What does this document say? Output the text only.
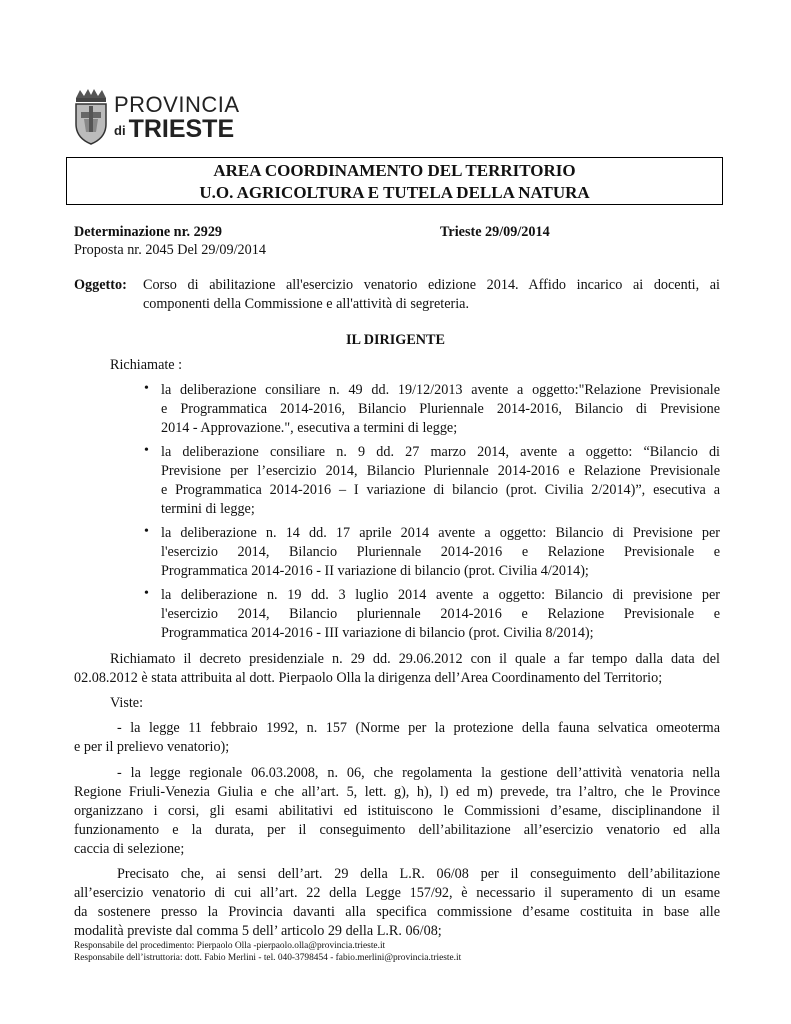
PROVINCIA
di TRIESTE
AREA COORDINAMENTO DEL TERRITORIO
U.O. AGRICOLTURA E TUTELA DELLA NATURA
Determinazione nr. 2929	Trieste 29/09/2014
Proposta nr. 2045 Del 29/09/2014
Oggetto: Corso di abilitazione all'esercizio venatorio edizione 2014. Affido incarico ai docenti, ai
componenti della Commissione e all'attività di segreteria.
IL DIRIGENTE
Richiamate :
• la deliberazione consiliare n. 49 dd. 19/12/2013 avente a oggetto:"Relazione Previsionale
e Programmatica 2014-2016, Bilancio Pluriennale 2014-2016, Bilancio di Previsione
2014 - Approvazione.", esecutiva a termini di legge;
• la deliberazione consiliare n. 9 dd. 27 marzo 2014, avente a oggetto: “Bilancio di
Previsione per l’esercizio 2014, Bilancio Pluriennale 2014-2016 e Relazione Previsionale
e Programmatica 2014-2016 – I variazione di bilancio (prot. Civilia 2/2014)”, esecutiva a
termini di legge;
• la deliberazione n. 14 dd. 17 aprile 2014 avente a oggetto: Bilancio di Previsione per
l'esercizio 2014, Bilancio Pluriennale 2014-2016 e Relazione Previsionale e
Programmatica 2014-2016 - II variazione di bilancio (prot. Civilia 4/2014);
• la deliberazione n. 19 dd. 3 luglio 2014 avente a oggetto: Bilancio di previsione per
l'esercizio 2014, Bilancio pluriennale 2014-2016 e Relazione Previsionale e
Programmatica 2014-2016 - III variazione di bilancio (prot. Civilia 8/2014);
Richiamato il decreto presidenziale n. 29 dd. 29.06.2012 con il quale a far tempo dalla data del
02.08.2012 è stata attribuita al dott. Pierpaolo Olla la dirigenza dell’Area Coordinamento del Territorio;
Viste:
- la legge 11 febbraio 1992, n. 157 (Norme per la protezione della fauna selvatica omeoterma
e per il prelievo venatorio);
- la legge regionale 06.03.2008, n. 06, che regolamenta la gestione dell’attività venatoria nella
Regione Friuli-Venezia Giulia e che all’art. 5, lett. g), h), l) ed m) prevede, tra l’altro, che le Province
organizzano i corsi, gli esami abilitativi ed istituiscono le Commissioni d’esame, disciplinandone il
funzionamento e la durata, per il conseguimento dell’abilitazione all’esercizio venatorio ed alla
caccia di selezione;
Precisato che, ai sensi dell’art. 29 della L.R. 06/08 per il conseguimento dell’abilitazione
all’esercizio venatorio di cui all’art. 22 della Legge 157/92, è necessario il superamento di un esame
da sostenere presso la Provincia davanti alla specifica commissione d’esame costituita in base alle
modalità previste dal comma 5 dell’ articolo 29 della L.R. 06/08;
Responsabile del procedimento: Pierpaolo Olla -pierpaolo.olla@provincia.trieste.it
Responsabile dell’istruttoria: dott. Fabio Merlini - tel. 040-3798454 - fabio.merlini@provincia.trieste.it
